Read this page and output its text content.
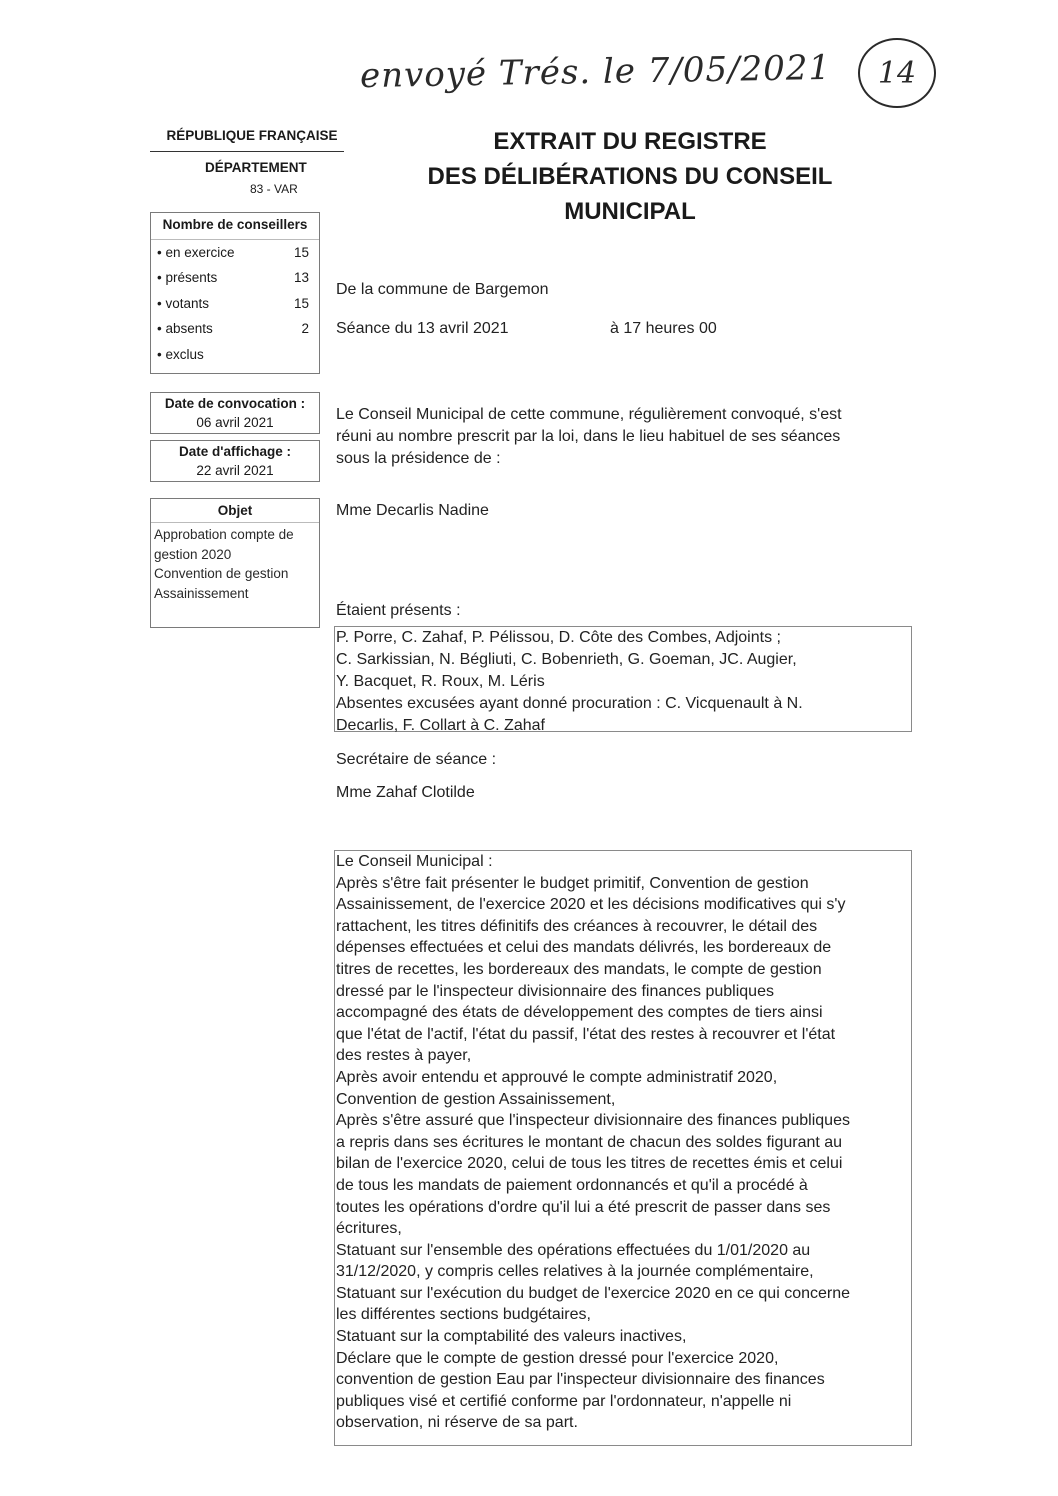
envoyé Trés. le 7/05/2021	14
RÉPUBLIQUE FRANÇAISE
DÉPARTEMENT
83 - VAR
Nombre de conseillers
• en exercice	15
• présents	13
• votants	15
• absents	2
• exclus
Date de convocation :
06 avril 2021
Date d'affichage :
22 avril 2021
Objet
Approbation compte de
gestion 2020
Convention de gestion
Assainissement
EXTRAIT DU REGISTRE
DES DÉLIBÉRATIONS DU CONSEIL
MUNICIPAL
De la commune de Bargemon
Séance du 13 avril 2021	à 17 heures 00
Le Conseil Municipal de cette commune, régulièrement convoqué, s'est
réuni au nombre prescrit par la loi, dans le lieu habituel de ses séances
sous la présidence de :
Mme Decarlis Nadine
Étaient présents :
P. Porre, C. Zahaf, P. Pélissou, D. Côte des Combes, Adjoints ;
C. Sarkissian, N. Bégliuti, C. Bobenrieth, G. Goeman, JC. Augier,
Y. Bacquet, R. Roux, M. Léris
Absentes excusées ayant donné procuration : C. Vicquenault à N.
Decarlis, F. Collart à C. Zahaf
Secrétaire de séance :
Mme Zahaf Clotilde
Le Conseil Municipal :
Après s'être fait présenter le budget primitif, Convention de gestion
Assainissement, de l'exercice 2020 et les décisions modificatives qui s'y
rattachent, les titres définitifs des créances à recouvrer, le détail des
dépenses effectuées et celui des mandats délivrés, les bordereaux de
titres de recettes, les bordereaux des mandats, le compte de gestion
dressé par le l'inspecteur divisionnaire des finances publiques
accompagné des états de développement des comptes de tiers ainsi
que l'état de l'actif, l'état du passif, l'état des restes à recouvrer et l'état
des restes à payer,
Après avoir entendu et approuvé le compte administratif 2020,
Convention de gestion Assainissement,
Après s'être assuré que l'inspecteur divisionnaire des finances publiques
a repris dans ses écritures le montant de chacun des soldes figurant au
bilan de l'exercice 2020, celui de tous les titres de recettes émis et celui
de tous les mandats de paiement ordonnancés et qu'il a procédé à
toutes les opérations d'ordre qu'il lui a été prescrit de passer dans ses
écritures,
Statuant sur l'ensemble des opérations effectuées du 1/01/2020 au
31/12/2020, y compris celles relatives à la journée complémentaire,
Statuant sur l'exécution du budget de l'exercice 2020 en ce qui concerne
les différentes sections budgétaires,
Statuant sur la comptabilité des valeurs inactives,
Déclare que le compte de gestion dressé pour l'exercice 2020,
convention de gestion Eau par l'inspecteur divisionnaire des finances
publiques visé et certifié conforme par l'ordonnateur, n'appelle ni
observation, ni réserve de sa part.
